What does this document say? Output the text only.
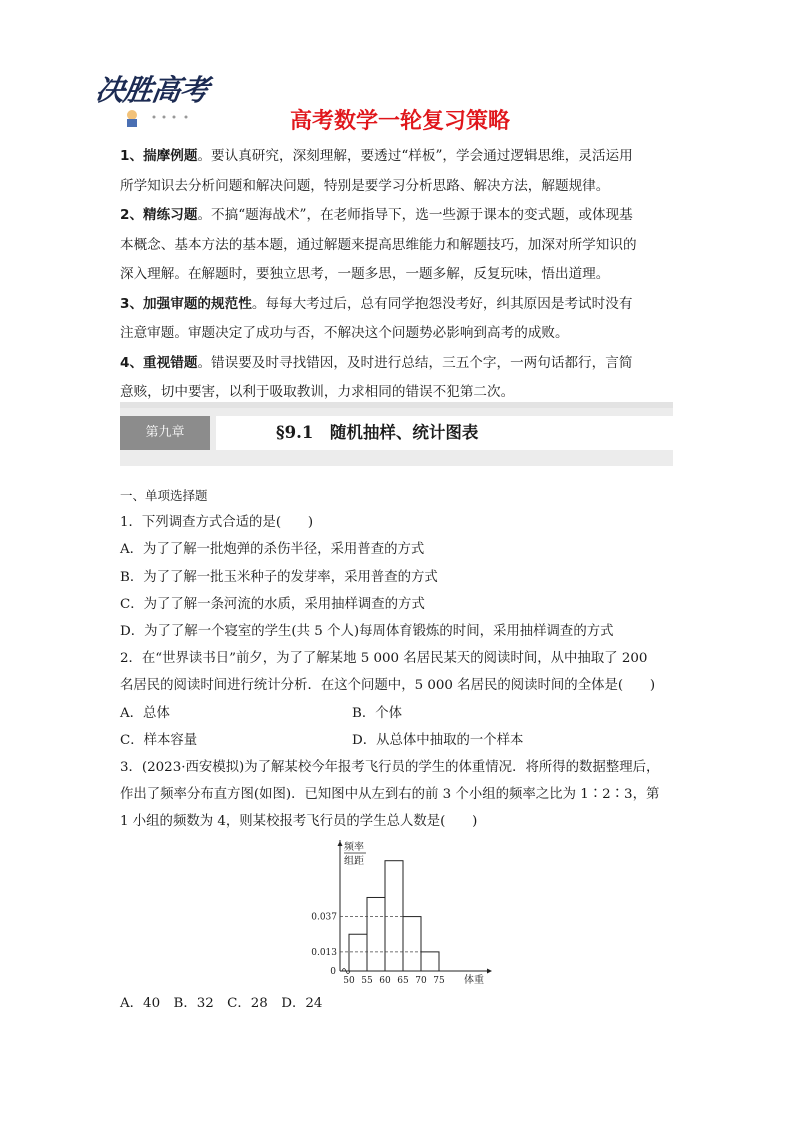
决胜高考
高考数学一轮复习策略

1、揣摩例题。要认真研究，深刻理解，要透过“样板”，学会通过逻辑思维，灵活运用

所学知识去分析问题和解决问题，特别是要学习分析思路、解决方法，解题规律。

2、精练习题。不搞“题海战术”，在老师指导下，选一些源于课本的变式题，或体现基

本概念、基本方法的基本题，通过解题来提高思维能力和解题技巧，加深对所学知识的

深入理解。在解题时，要独立思考，一题多思，一题多解，反复玩味，悟出道理。

3、加强审题的规范性。每每大考过后，总有同学抱怨没考好，纠其原因是考试时没有

注意审题。审题决定了成功与否，不解决这个问题势必影响到高考的成败。

4、重视错题。错误要及时寻找错因，及时进行总结，三五个字，一两句话都行，言简

意赅，切中要害，以利于吸取教训，力求相同的错误不犯第二次。

第九章	§9.1　随机抽样、统计图表

一、单项选择题

1．下列调查方式合适的是(　　)

A．为了了解一批炮弹的杀伤半径，采用普查的方式

B．为了了解一批玉米种子的发芽率，采用普查的方式

C．为了了解一条河流的水质，采用抽样调查的方式

D．为了了解一个寝室的学生(共 5 个人)每周体育锻炼的时间，采用抽样调查的方式

2．在“世界读书日”前夕，为了了解某地 5 000 名居民某天的阅读时间，从中抽取了 200

名居民的阅读时间进行统计分析．在这个问题中，5 000 名居民的阅读时间的全体是(　　)

A．总体	B．个体

C．样本容量	D．从总体中抽取的一个样本

3．(2023·西安模拟)为了解某校今年报考飞行员的学生的体重情况．将所得的数据整理后，

作出了频率分布直方图(如图)．已知图中从左到右的前 3 个小组的频率之比为 1∶2∶3，第

1 小组的频数为 4，则某校报考飞行员的学生总人数是(　　)

0.013
0.037
0
50 55 60 65 70 75 体重
频率
组距

A．40　B．32　C．28　D．24
